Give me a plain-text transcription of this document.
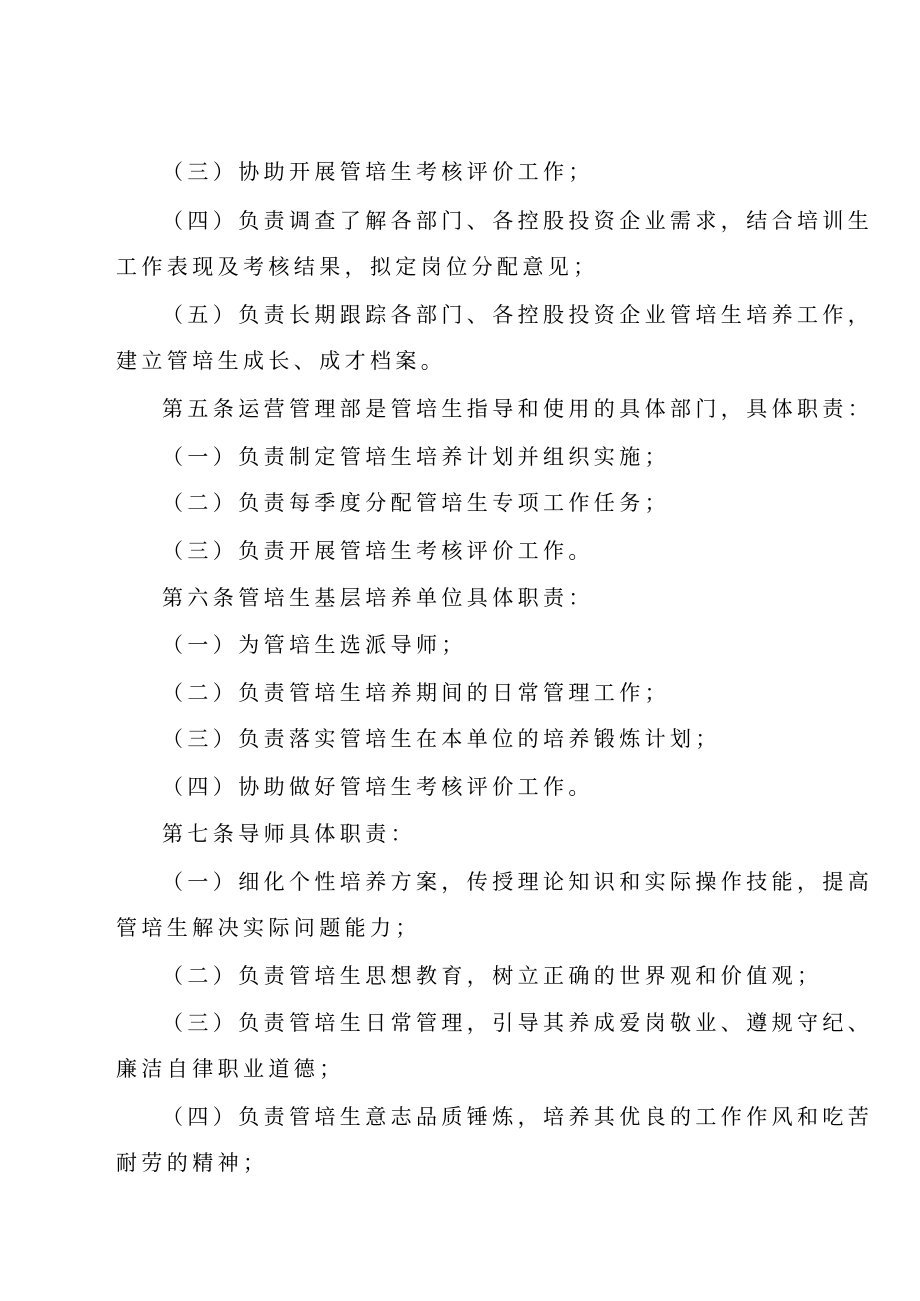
（三）协助开展管培生考核评价工作；
（四）负责调查了解各部门、各控股投资企业需求，结合培训生
工作表现及考核结果，拟定岗位分配意见；
（五）负责长期跟踪各部门、各控股投资企业管培生培养工作，
建立管培生成长、成才档案。
第五条运营管理部是管培生指导和使用的具体部门，具体职责：
（一）负责制定管培生培养计划并组织实施；
（二）负责每季度分配管培生专项工作任务；
（三）负责开展管培生考核评价工作。
第六条管培生基层培养单位具体职责：
（一）为管培生选派导师；
（二）负责管培生培养期间的日常管理工作；
（三）负责落实管培生在本单位的培养锻炼计划；
（四）协助做好管培生考核评价工作。
第七条导师具体职责：
（一）细化个性培养方案，传授理论知识和实际操作技能，提高
管培生解决实际问题能力；
（二）负责管培生思想教育，树立正确的世界观和价值观；
（三）负责管培生日常管理，引导其养成爱岗敬业、遵规守纪、
廉洁自律职业道德；
（四）负责管培生意志品质锤炼，培养其优良的工作作风和吃苦
耐劳的精神；
